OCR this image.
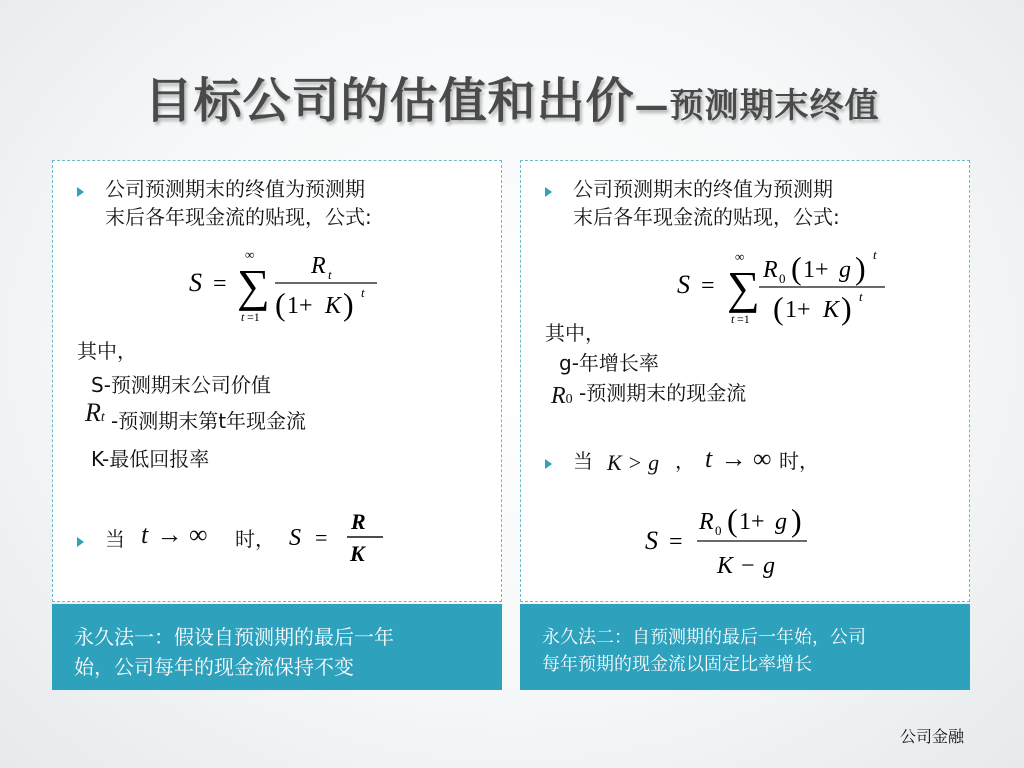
目标公司的估值和出价—预测期末终值
公司预测期末的终值为预测期
末后各年现金流的贴现，公式:
S =
∞
∑
t =1
R t
( 1+ K ) t
其中，
S-预测期末公司价值
Rt -预测期末第t年现金流
K-最低回报率
当 t → ∞ 时， S =
R
K
永久法一：假设自预测期的最后一年
始，公司每年的现金流保持不变
公司预测期末的终值为预测期
末后各年现金流的贴现，公式:
S =
∞
∑
t =1
R 0 ( 1+ g ) t
( 1+ K ) t
其中，
g-年增长率
R0 -预测期末的现金流
当 K > g ， t → ∞ 时，
S =
R 0 ( 1+ g )
K − g
永久法二：自预测期的最后一年始，公司
每年预期的现金流以固定比率增长
公司金融
